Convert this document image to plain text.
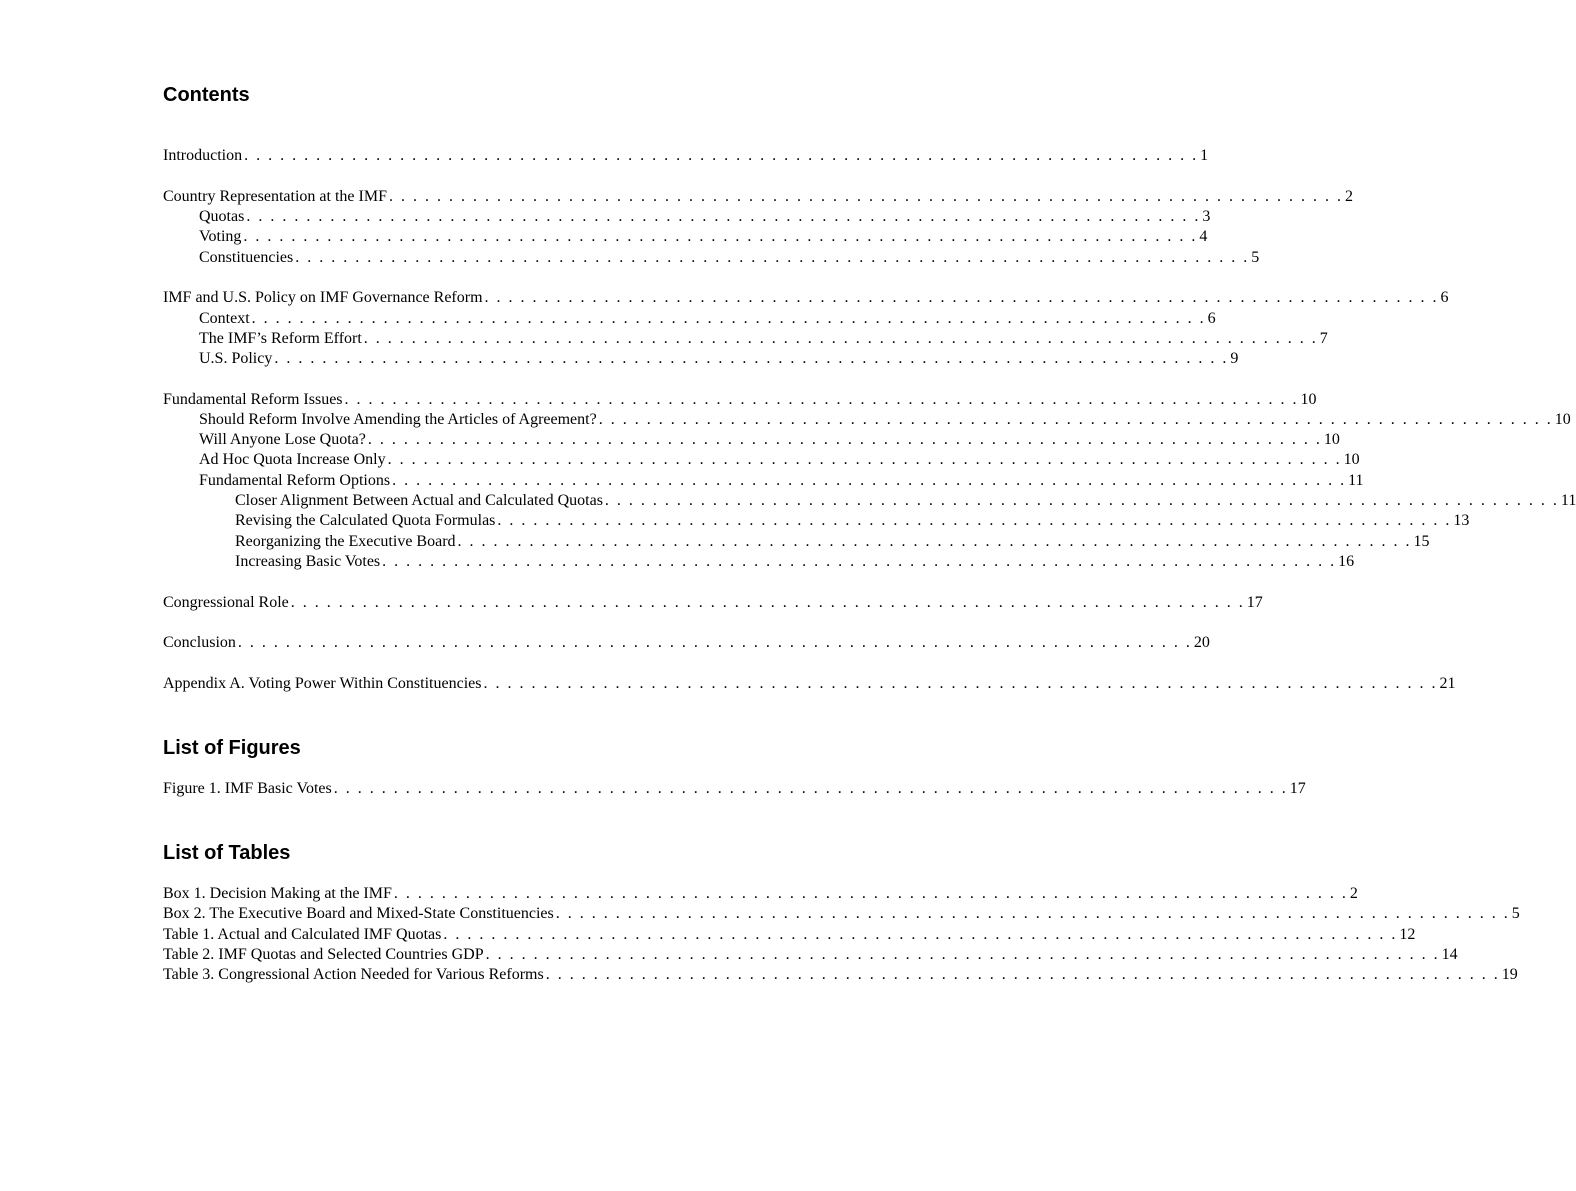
Contents
Introduction . . . . . . . . . . . . . . . . . . . . . . . . . . . . . . . . . . . . . . . . . . . . . . . . . . . . . . . . . . . . . . . . . . . . . . . . . . . . . . . . 1
Country Representation at the IMF . . . . . . . . . . . . . . . . . . . . . . . . . . . . . . . . . . . . . . . . . . . . . . . . . . . . . . . . . . . . . . . . . . . . . . . . . . . . . . . . 2
Quotas . . . . . . . . . . . . . . . . . . . . . . . . . . . . . . . . . . . . . . . . . . . . . . . . . . . . . . . . . . . . . . . . . . . . . . . . . . . . . . . . 3
Voting . . . . . . . . . . . . . . . . . . . . . . . . . . . . . . . . . . . . . . . . . . . . . . . . . . . . . . . . . . . . . . . . . . . . . . . . . . . . . . . . 4
Constituencies . . . . . . . . . . . . . . . . . . . . . . . . . . . . . . . . . . . . . . . . . . . . . . . . . . . . . . . . . . . . . . . . . . . . . . . . . . . . . . . . 5
IMF and U.S. Policy on IMF Governance Reform . . . . . . . . . . . . . . . . . . . . . . . . . . . . . . . . . . . . . . . . . . . . . . . . . . . . . . . . . . . . . . . . . . . . . . . . . . . . . . . . 6
Context . . . . . . . . . . . . . . . . . . . . . . . . . . . . . . . . . . . . . . . . . . . . . . . . . . . . . . . . . . . . . . . . . . . . . . . . . . . . . . . . 6
The IMF’s Reform Effort . . . . . . . . . . . . . . . . . . . . . . . . . . . . . . . . . . . . . . . . . . . . . . . . . . . . . . . . . . . . . . . . . . . . . . . . . . . . . . . . 7
U.S. Policy . . . . . . . . . . . . . . . . . . . . . . . . . . . . . . . . . . . . . . . . . . . . . . . . . . . . . . . . . . . . . . . . . . . . . . . . . . . . . . . . 9
Fundamental Reform Issues . . . . . . . . . . . . . . . . . . . . . . . . . . . . . . . . . . . . . . . . . . . . . . . . . . . . . . . . . . . . . . . . . . . . . . . . . . . . . . . . 10
Should Reform Involve Amending the Articles of Agreement? . . . . . . . . . . . . . . . . . . . . . . . . . . . . . . . . . . . . . . . . . . . . . . . . . . . . . . . . . . . . . . . . . . . . . . . . . . . . . . . . 10
Will Anyone Lose Quota? . . . . . . . . . . . . . . . . . . . . . . . . . . . . . . . . . . . . . . . . . . . . . . . . . . . . . . . . . . . . . . . . . . . . . . . . . . . . . . . . 10
Ad Hoc Quota Increase Only . . . . . . . . . . . . . . . . . . . . . . . . . . . . . . . . . . . . . . . . . . . . . . . . . . . . . . . . . . . . . . . . . . . . . . . . . . . . . . . . 10
Fundamental Reform Options . . . . . . . . . . . . . . . . . . . . . . . . . . . . . . . . . . . . . . . . . . . . . . . . . . . . . . . . . . . . . . . . . . . . . . . . . . . . . . . . 11
Closer Alignment Between Actual and Calculated Quotas . . . . . . . . . . . . . . . . . . . . . . . . . . . . . . . . . . . . . . . . . . . . . . . . . . . . . . . . . . . . . . . . . . . . . . . . . . . . . . . . 11
Revising the Calculated Quota Formulas . . . . . . . . . . . . . . . . . . . . . . . . . . . . . . . . . . . . . . . . . . . . . . . . . . . . . . . . . . . . . . . . . . . . . . . . . . . . . . . . 13
Reorganizing the Executive Board . . . . . . . . . . . . . . . . . . . . . . . . . . . . . . . . . . . . . . . . . . . . . . . . . . . . . . . . . . . . . . . . . . . . . . . . . . . . . . . . 15
Increasing Basic Votes . . . . . . . . . . . . . . . . . . . . . . . . . . . . . . . . . . . . . . . . . . . . . . . . . . . . . . . . . . . . . . . . . . . . . . . . . . . . . . . . 16
Congressional Role . . . . . . . . . . . . . . . . . . . . . . . . . . . . . . . . . . . . . . . . . . . . . . . . . . . . . . . . . . . . . . . . . . . . . . . . . . . . . . . . 17
Conclusion . . . . . . . . . . . . . . . . . . . . . . . . . . . . . . . . . . . . . . . . . . . . . . . . . . . . . . . . . . . . . . . . . . . . . . . . . . . . . . . . 20
Appendix A. Voting Power Within Constituencies . . . . . . . . . . . . . . . . . . . . . . . . . . . . . . . . . . . . . . . . . . . . . . . . . . . . . . . . . . . . . . . . . . . . . . . . . . . . . . . . 21
List of Figures
Figure 1. IMF Basic Votes . . . . . . . . . . . . . . . . . . . . . . . . . . . . . . . . . . . . . . . . . . . . . . . . . . . . . . . . . . . . . . . . . . . . . . . . . . . . . . . . 17
List of Tables
Box 1. Decision Making at the IMF . . . . . . . . . . . . . . . . . . . . . . . . . . . . . . . . . . . . . . . . . . . . . . . . . . . . . . . . . . . . . . . . . . . . . . . . . . . . . . . . 2
Box 2. The Executive Board and Mixed-State Constituencies . . . . . . . . . . . . . . . . . . . . . . . . . . . . . . . . . . . . . . . . . . . . . . . . . . . . . . . . . . . . . . . . . . . . . . . . . . . . . . . . 5
Table 1. Actual and Calculated IMF Quotas . . . . . . . . . . . . . . . . . . . . . . . . . . . . . . . . . . . . . . . . . . . . . . . . . . . . . . . . . . . . . . . . . . . . . . . . . . . . . . . . 12
Table 2. IMF Quotas and Selected Countries GDP . . . . . . . . . . . . . . . . . . . . . . . . . . . . . . . . . . . . . . . . . . . . . . . . . . . . . . . . . . . . . . . . . . . . . . . . . . . . . . . . 14
Table 3. Congressional Action Needed for Various Reforms . . . . . . . . . . . . . . . . . . . . . . . . . . . . . . . . . . . . . . . . . . . . . . . . . . . . . . . . . . . . . . . . . . . . . . . . . . . . . . . . 19
